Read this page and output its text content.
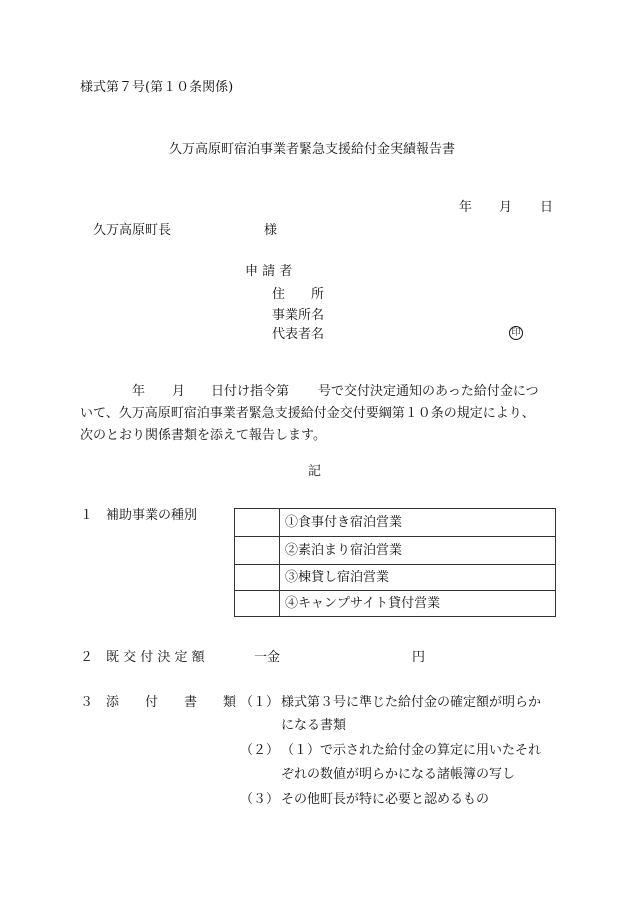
様式第７号(第１０条関係)
久万高原町宿泊事業者緊急支援給付金実績報告書
年 月 日
久万高原町長	様
申 請 者
住　　所
事業所名
代表者名	印
年 月 日付け指令第 号で交付決定通知のあった給付金につ
いて、久万高原町宿泊事業者緊急支援給付金交付要綱第１０条の規定により、
次のとおり関係書類を添えて報告します。
記
１　補助事業の種別	①食事付き宿泊営業
②素泊まり宿泊営業
③棟貸し宿泊営業
④キャンプサイト貸付営業
２　既 交 付 決 定 額	一金	円
３　添　　付　　書　　類 （１） 様式第３号に準じた給付金の確定額が明らか
になる書類
（２） （１）で示された給付金の算定に用いたそれ
ぞれの数値が明らかになる諸帳簿の写し
（３） その他町長が特に必要と認めるもの
